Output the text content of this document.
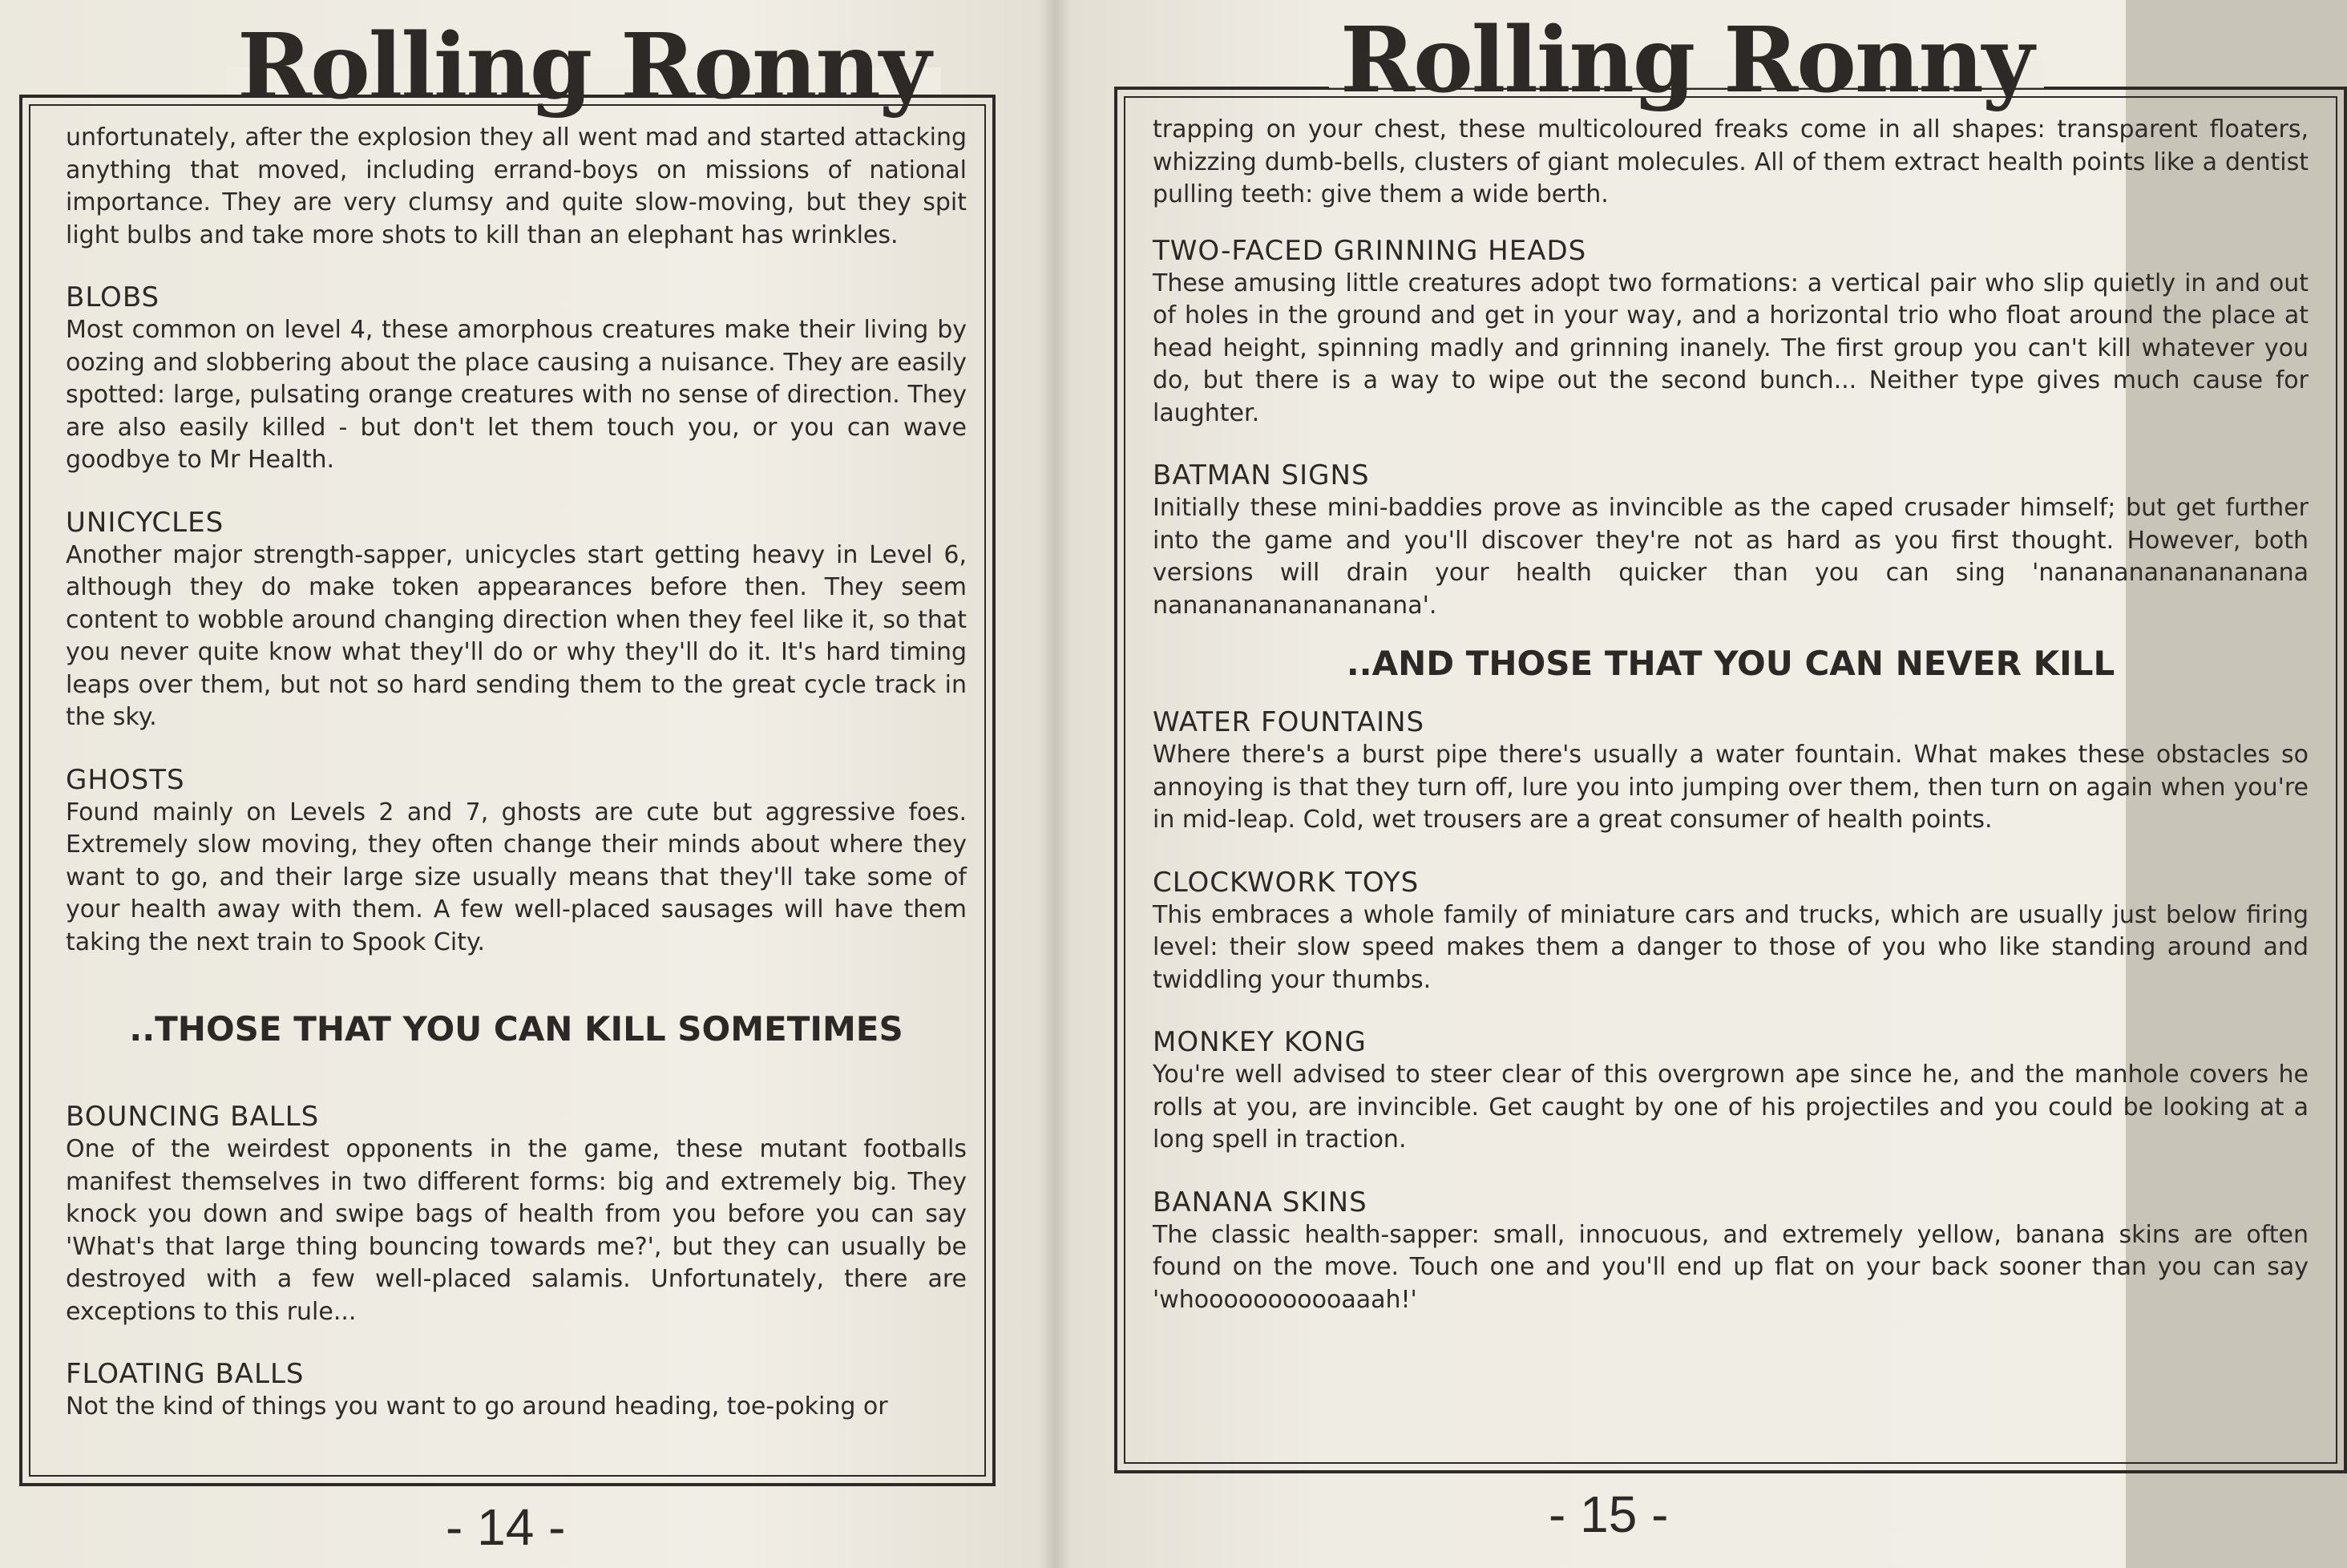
Rolling Ronny

unfortunately, after the explosion they all went mad and started attacking anything that moved, including errand-boys on missions of national importance. They are very clumsy and quite slow-moving, but they spit light bulbs and take more shots to kill than an elephant has wrinkles.

BLOBS

Most common on level 4, these amorphous creatures make their living by oozing and slobbering about the place causing a nuisance. They are easily spotted: large, pulsating orange creatures with no sense of direction. They are also easily killed - but don't let them touch you, or you can wave goodbye to Mr Health.

UNICYCLES

Another major strength-sapper, unicycles start getting heavy in Level 6, although they do make token appearances before then. They seem content to wobble around changing direction when they feel like it, so that you never quite know what they'll do or why they'll do it. It's hard timing leaps over them, but not so hard sending them to the great cycle track in the sky.

GHOSTS

Found mainly on Levels 2 and 7, ghosts are cute but aggressive foes. Extremely slow moving, they often change their minds about where they want to go, and their large size usually means that they'll take some of your health away with them. A few well-placed sausages will have them taking the next train to Spook City.

..THOSE THAT YOU CAN KILL SOMETIMES
BOUNCING BALLS

One of the weirdest opponents in the game, these mutant footballs manifest themselves in two different forms: big and extremely big. They knock you down and swipe bags of health from you before you can say 'What's that large thing bouncing towards me?', but they can usually be destroyed with a few well-placed salamis. Unfortunately, there are exceptions to this rule...

FLOATING BALLS

Not the kind of things you want to go around heading, toe-poking or

- 14 -
Rolling Ronny

trapping on your chest, these multicoloured freaks come in all shapes: transparent floaters, whizzing dumb-bells, clusters of giant molecules. All of them extract health points like a dentist pulling teeth: give them a wide berth.

TWO-FACED GRINNING HEADS

These amusing little creatures adopt two formations: a vertical pair who slip quietly in and out of holes in the ground and get in your way, and a horizontal trio who float around the place at head height, spinning madly and grinning inanely. The first group you can't kill whatever you do, but there is a way to wipe out the second bunch... Neither type gives much cause for laughter.

BATMAN SIGNS

Initially these mini-baddies prove as invincible as the caped crusader himself; but get further into the game and you'll discover they're not as hard as you first thought. However, both versions will drain your health quicker than you can sing 'nanananananananana nanananananananana'.

..AND THOSE THAT YOU CAN NEVER KILL
WATER FOUNTAINS

Where there's a burst pipe there's usually a water fountain. What makes these obstacles so annoying is that they turn off, lure you into jumping over them, then turn on again when you're in mid-leap. Cold, wet trousers are a great consumer of health points.

CLOCKWORK TOYS

This embraces a whole family of miniature cars and trucks, which are usually just below firing level: their slow speed makes them a danger to those of you who like standing around and twiddling your thumbs.

MONKEY KONG

You're well advised to steer clear of this overgrown ape since he, and the manhole covers he rolls at you, are invincible. Get caught by one of his projectiles and you could be looking at a long spell in traction.

BANANA SKINS

The classic health-sapper: small, innocuous, and extremely yellow, banana skins are often found on the move. Touch one and you'll end up flat on your back sooner than you can say 'whooooooooooaaah!'

- 15 -
